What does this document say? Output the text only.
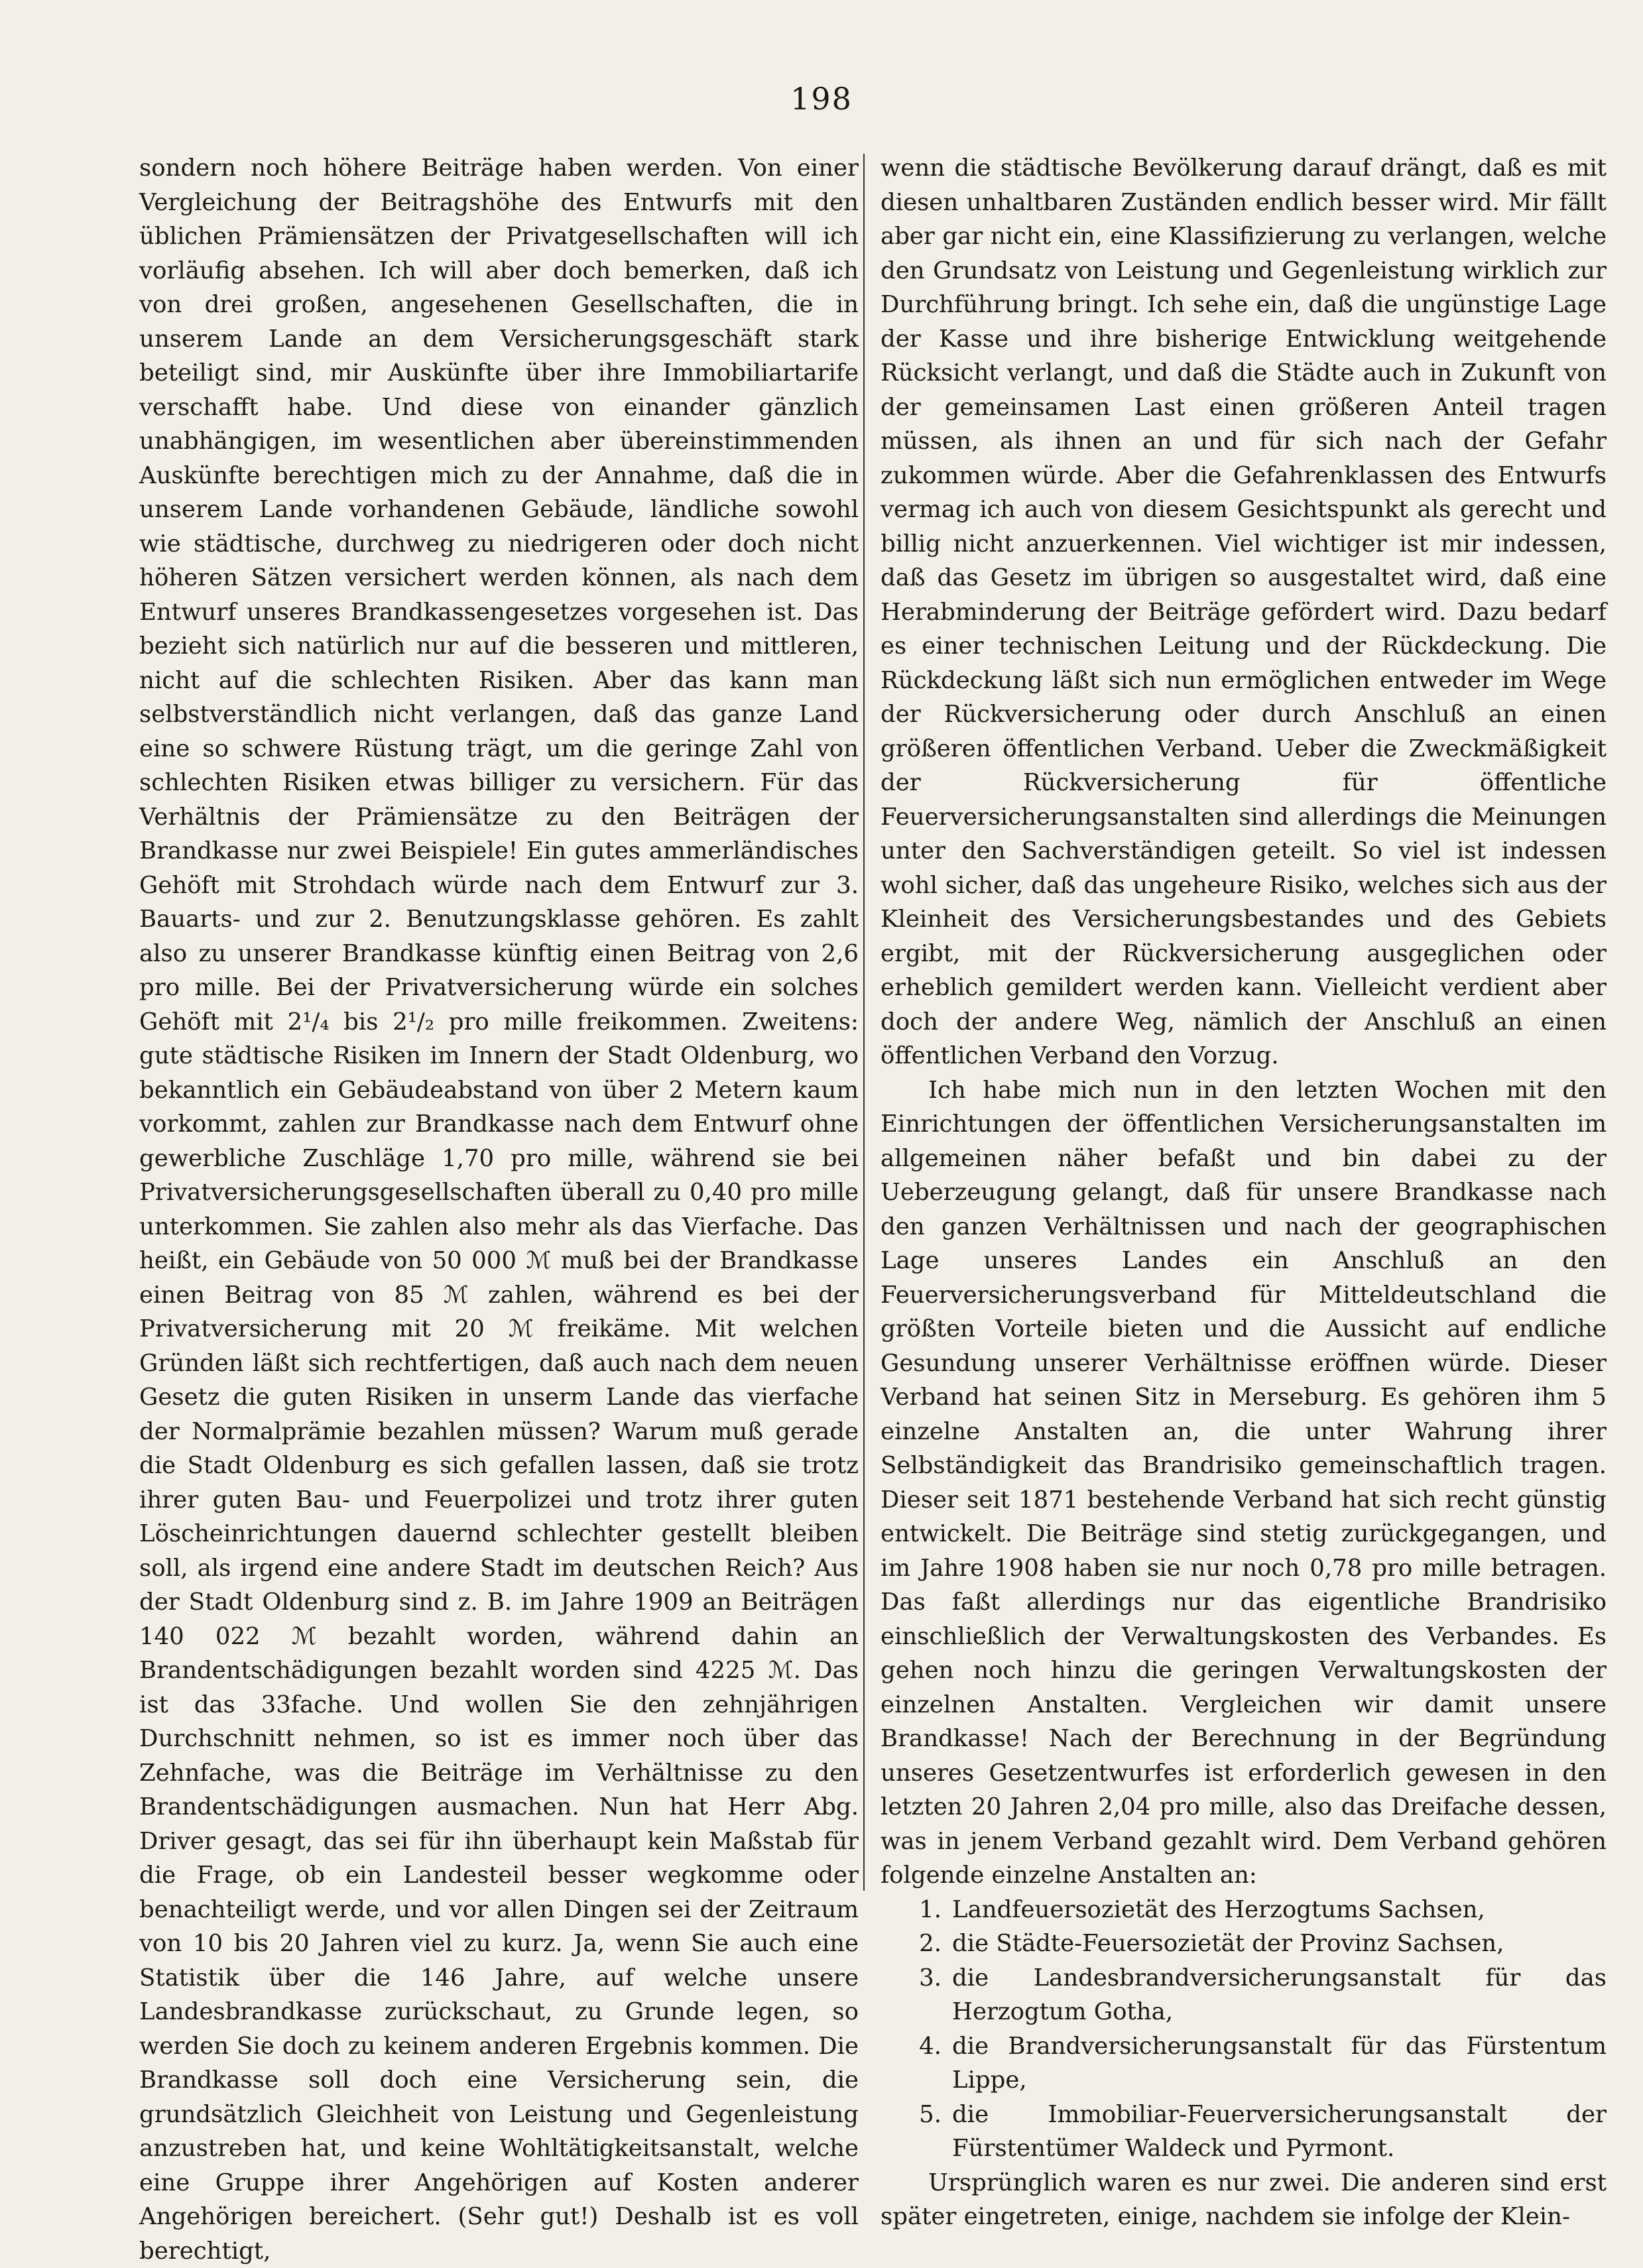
198

sondern noch höhere Beiträge haben werden. Von einer Vergleichung der Beitragshöhe des Entwurfs mit den üblichen Prämiensätzen der Privatgesellschaften will ich vorläufig absehen. Ich will aber doch bemerken, daß ich von drei großen, angesehenen Gesellschaften, die in unserem Lande an dem Versicherungsgeschäft stark beteiligt sind, mir Auskünfte über ihre Immobiliartarife verschafft habe. Und diese von einander gänzlich unabhängigen, im wesentlichen aber übereinstimmenden Auskünfte berechtigen mich zu der Annahme, daß die in unserem Lande vorhandenen Gebäude, ländliche sowohl wie städtische, durchweg zu niedrigeren oder doch nicht höheren Sätzen versichert werden können, als nach dem Entwurf unseres Brandkassengesetzes vorgesehen ist. Das bezieht sich natürlich nur auf die besseren und mittleren, nicht auf die schlechten Risiken. Aber das kann man selbstverständlich nicht verlangen, daß das ganze Land eine so schwere Rüstung trägt, um die geringe Zahl von schlechten Risiken etwas billiger zu versichern. Für das Verhältnis der Prämiensätze zu den Beiträgen der Brandkasse nur zwei Beispiele! Ein gutes ammerländisches Gehöft mit Strohdach würde nach dem Entwurf zur 3. Bauarts- und zur 2. Benutzungsklasse gehören. Es zahlt also zu unserer Brandkasse künftig einen Beitrag von 2,6 pro mille. Bei der Privatversicherung würde ein solches Gehöft mit 2¹/₄ bis 2¹/₂ pro mille freikommen. Zweitens: gute städtische Risiken im Innern der Stadt Oldenburg, wo bekanntlich ein Gebäudeabstand von über 2 Metern kaum vorkommt, zahlen zur Brandkasse nach dem Entwurf ohne gewerbliche Zuschläge 1,70 pro mille, während sie bei Privatversicherungsgesellschaften überall zu 0,40 pro mille unterkommen. Sie zahlen also mehr als das Vierfache. Das heißt, ein Gebäude von 50 000 ℳ muß bei der Brandkasse einen Beitrag von 85 ℳ zahlen, während es bei der Privatversicherung mit 20 ℳ freikäme. Mit welchen Gründen läßt sich rechtfertigen, daß auch nach dem neuen Gesetz die guten Risiken in unserm Lande das vierfache der Normalprämie bezahlen müssen? Warum muß gerade die Stadt Oldenburg es sich gefallen lassen, daß sie trotz ihrer guten Bau- und Feuerpolizei und trotz ihrer guten Löscheinrichtungen dauernd schlechter gestellt bleiben soll, als irgend eine andere Stadt im deutschen Reich? Aus der Stadt Oldenburg sind z. B. im Jahre 1909 an Beiträgen 140 022 ℳ bezahlt worden, während dahin an Brandentschädigungen bezahlt worden sind 4225 ℳ. Das ist das 33fache. Und wollen Sie den zehnjährigen Durchschnitt nehmen, so ist es immer noch über das Zehnfache, was die Beiträge im Verhältnisse zu den Brandentschädigungen ausmachen. Nun hat Herr Abg. Driver gesagt, das sei für ihn überhaupt kein Maßstab für die Frage, ob ein Landesteil besser wegkomme oder benachteiligt werde, und vor allen Dingen sei der Zeitraum von 10 bis 20 Jahren viel zu kurz. Ja, wenn Sie auch eine Statistik über die 146 Jahre, auf welche unsere Landesbrandkasse zurückschaut, zu Grunde legen, so werden Sie doch zu keinem anderen Ergebnis kommen. Die Brandkasse soll doch eine Versicherung sein, die grundsätzlich Gleichheit von Leistung und Gegenleistung anzustreben hat, und keine Wohltätigkeitsanstalt, welche eine Gruppe ihrer Angehörigen auf Kosten anderer Angehörigen bereichert. (Sehr gut!) Deshalb ist es voll berechtigt,

wenn die städtische Bevölkerung darauf drängt, daß es mit diesen unhaltbaren Zuständen endlich besser wird. Mir fällt aber gar nicht ein, eine Klassifizierung zu verlangen, welche den Grundsatz von Leistung und Gegenleistung wirklich zur Durchführung bringt. Ich sehe ein, daß die ungünstige Lage der Kasse und ihre bisherige Entwicklung weitgehende Rücksicht verlangt, und daß die Städte auch in Zukunft von der gemeinsamen Last einen größeren Anteil tragen müssen, als ihnen an und für sich nach der Gefahr zukommen würde. Aber die Gefahrenklassen des Entwurfs vermag ich auch von diesem Gesichtspunkt als gerecht und billig nicht anzuerkennen. Viel wichtiger ist mir indessen, daß das Gesetz im übrigen so ausgestaltet wird, daß eine Herabminderung der Beiträge gefördert wird. Dazu bedarf es einer technischen Leitung und der Rückdeckung. Die Rückdeckung läßt sich nun ermöglichen entweder im Wege der Rückversicherung oder durch Anschluß an einen größeren öffentlichen Verband. Ueber die Zweckmäßigkeit der Rückversicherung für öffentliche Feuerversicherungsanstalten sind allerdings die Meinungen unter den Sachverständigen geteilt. So viel ist indessen wohl sicher, daß das ungeheure Risiko, welches sich aus der Kleinheit des Versicherungsbestandes und des Gebiets ergibt, mit der Rückversicherung ausgeglichen oder erheblich gemildert werden kann. Vielleicht verdient aber doch der andere Weg, nämlich der Anschluß an einen öffentlichen Verband den Vorzug.

Ich habe mich nun in den letzten Wochen mit den Einrichtungen der öffentlichen Versicherungsanstalten im allgemeinen näher befaßt und bin dabei zu der Ueberzeugung gelangt, daß für unsere Brandkasse nach den ganzen Verhältnissen und nach der geographischen Lage unseres Landes ein Anschluß an den Feuerversicherungsverband für Mitteldeutschland die größten Vorteile bieten und die Aussicht auf endliche Gesundung unserer Verhältnisse eröffnen würde. Dieser Verband hat seinen Sitz in Merseburg. Es gehören ihm 5 einzelne Anstalten an, die unter Wahrung ihrer Selbständigkeit das Brandrisiko gemeinschaftlich tragen. Dieser seit 1871 bestehende Verband hat sich recht günstig entwickelt. Die Beiträge sind stetig zurückgegangen, und im Jahre 1908 haben sie nur noch 0,78 pro mille betragen. Das faßt allerdings nur das eigentliche Brandrisiko einschließlich der Verwaltungskosten des Verbandes. Es gehen noch hinzu die geringen Verwaltungskosten der einzelnen Anstalten. Vergleichen wir damit unsere Brandkasse! Nach der Berechnung in der Begründung unseres Gesetzentwurfes ist erforderlich gewesen in den letzten 20 Jahren 2,04 pro mille, also das Dreifache dessen, was in jenem Verband gezahlt wird. Dem Verband gehören folgende einzelne Anstalten an:

1. Landfeuersozietät des Herzogtums Sachsen,
2. die Städte-Feuersozietät der Provinz Sachsen,
3. die Landesbrandversicherungsanstalt für das Herzogtum Gotha,
4. die Brandversicherungsanstalt für das Fürstentum Lippe,
5. die Immobiliar-Feuerversicherungsanstalt der Fürstentümer Waldeck und Pyrmont.

Ursprünglich waren es nur zwei. Die anderen sind erst später eingetreten, einige, nachdem sie infolge der Klein-
